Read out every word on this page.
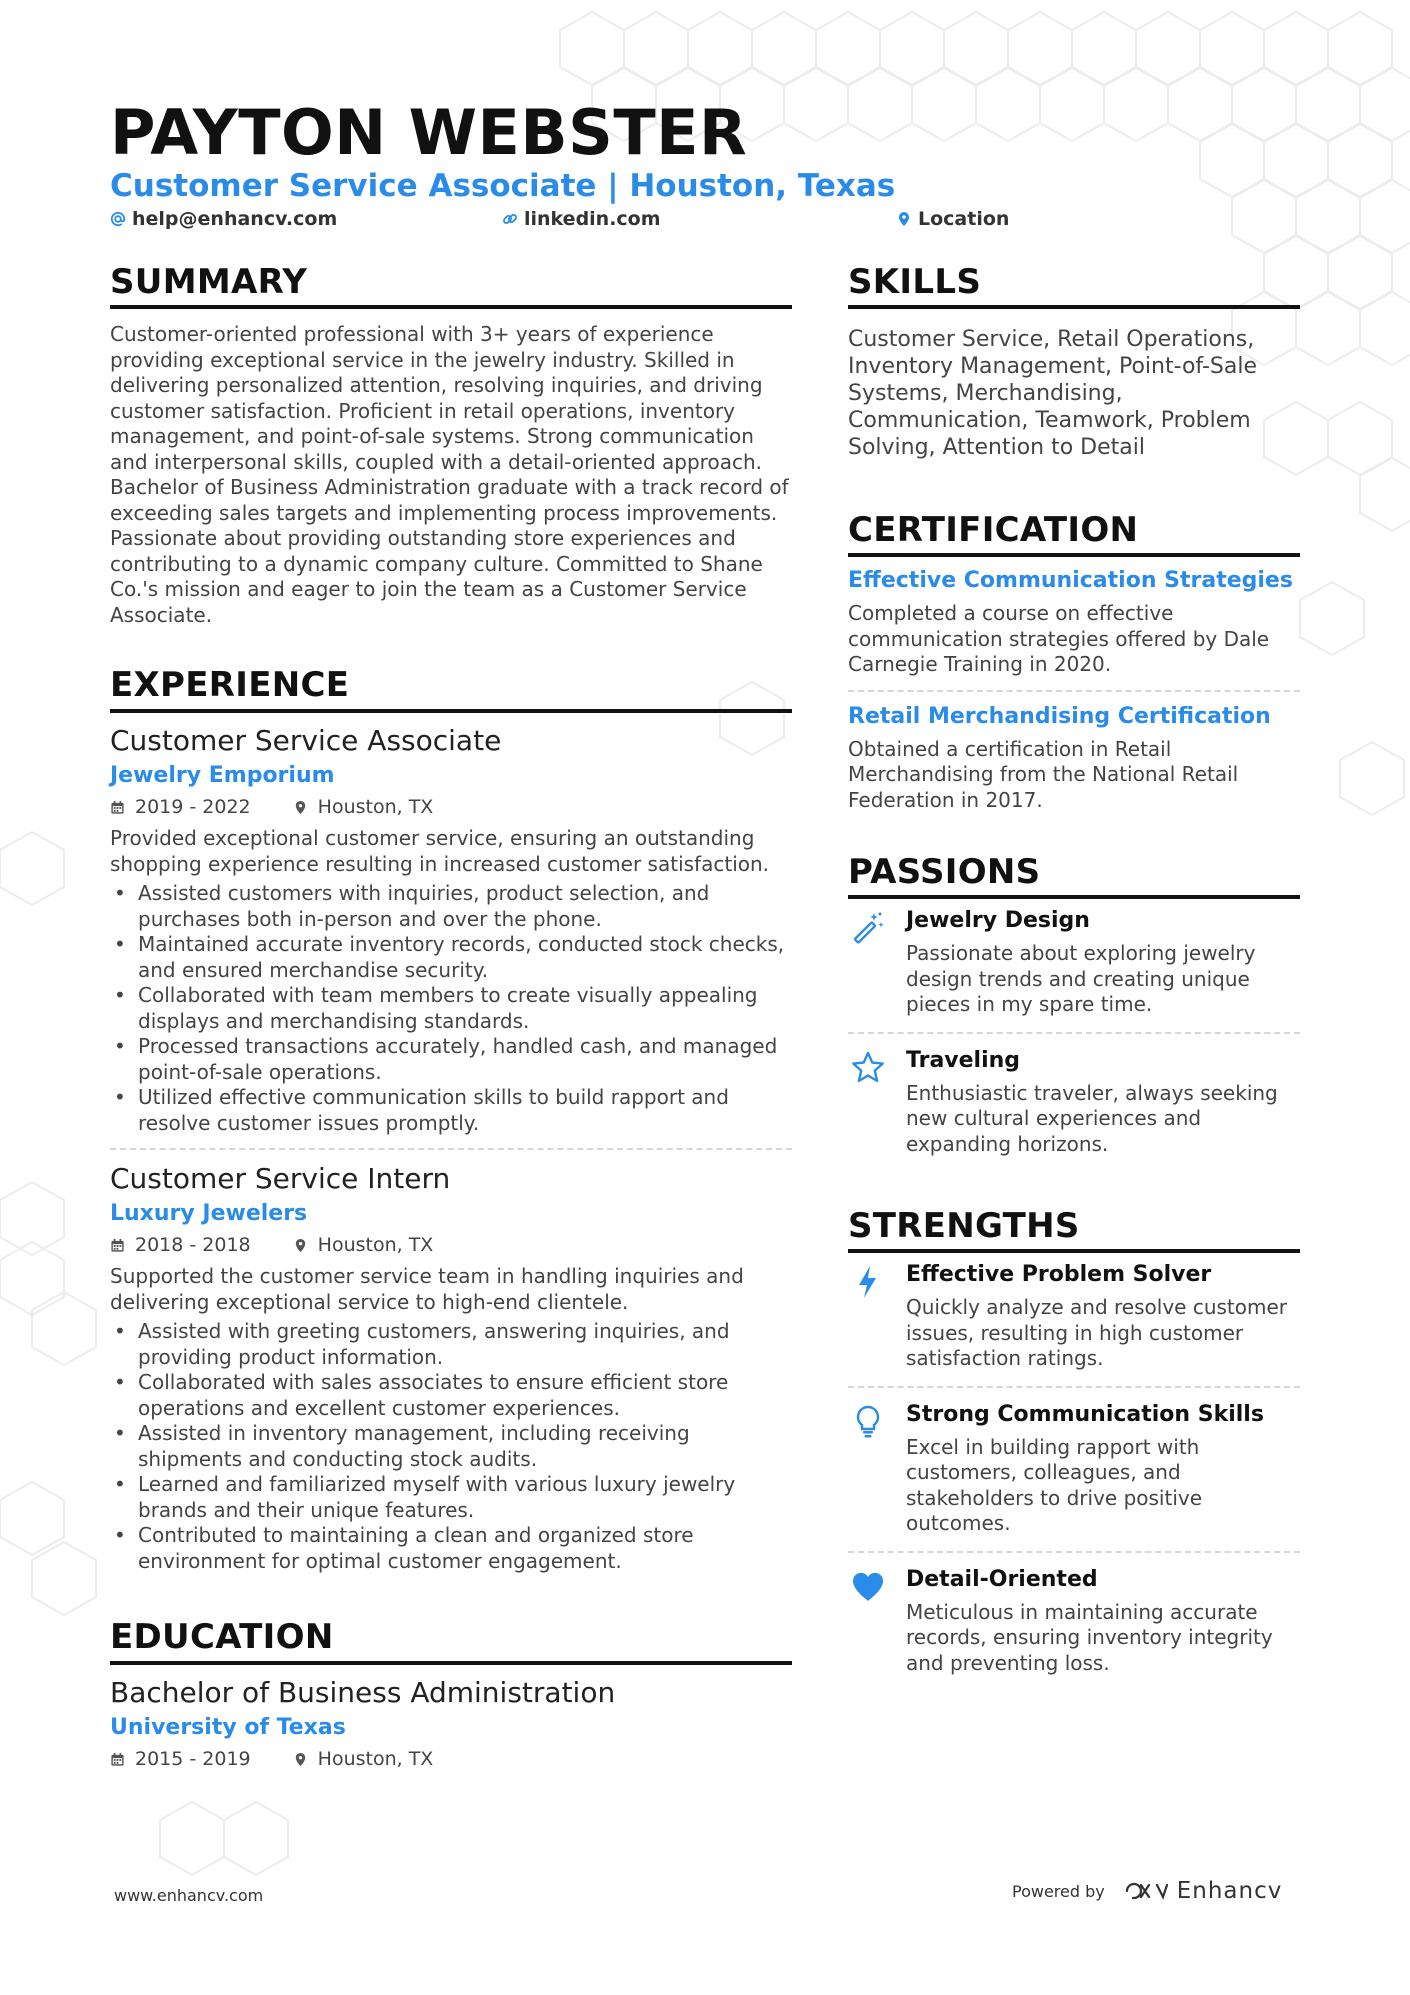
PAYTON WEBSTER
Customer Service Associate | Houston, Texas
help@enhancv.com	linkedin.com	Location
SUMMARY
Customer-oriented professional with 3+ years of experience providing exceptional service in the jewelry industry. Skilled in delivering personalized attention, resolving inquiries, and driving customer satisfaction. Proficient in retail operations, inventory management, and point-of-sale systems. Strong communication and interpersonal skills, coupled with a detail-oriented approach. Bachelor of Business Administration graduate with a track record of exceeding sales targets and implementing process improvements. Passionate about providing outstanding store experiences and contributing to a dynamic company culture. Committed to Shane Co.'s mission and eager to join the team as a Customer Service Associate.
EXPERIENCE
Customer Service Associate
Jewelry Emporium
2019 - 2022	Houston, TX
Provided exceptional customer service, ensuring an outstanding shopping experience resulting in increased customer satisfaction.
• Assisted customers with inquiries, product selection, and purchases both in-person and over the phone.
• Maintained accurate inventory records, conducted stock checks, and ensured merchandise security.
• Collaborated with team members to create visually appealing displays and merchandising standards.
• Processed transactions accurately, handled cash, and managed point-of-sale operations.
• Utilized effective communication skills to build rapport and resolve customer issues promptly.
Customer Service Intern
Luxury Jewelers
2018 - 2018	Houston, TX
Supported the customer service team in handling inquiries and delivering exceptional service to high-end clientele.
• Assisted with greeting customers, answering inquiries, and providing product information.
• Collaborated with sales associates to ensure efficient store operations and excellent customer experiences.
• Assisted in inventory management, including receiving shipments and conducting stock audits.
• Learned and familiarized myself with various luxury jewelry brands and their unique features.
• Contributed to maintaining a clean and organized store environment for optimal customer engagement.
EDUCATION
Bachelor of Business Administration
University of Texas
2015 - 2019	Houston, TX
SKILLS
Customer Service, Retail Operations, Inventory Management, Point-of-Sale Systems, Merchandising, Communication, Teamwork, Problem Solving, Attention to Detail
CERTIFICATION
Effective Communication Strategies
Completed a course on effective communication strategies offered by Dale Carnegie Training in 2020.
Retail Merchandising Certification
Obtained a certification in Retail Merchandising from the National Retail Federation in 2017.
PASSIONS
Jewelry Design
Passionate about exploring jewelry design trends and creating unique pieces in my spare time.
Traveling
Enthusiastic traveler, always seeking new cultural experiences and expanding horizons.
STRENGTHS
Effective Problem Solver
Quickly analyze and resolve customer issues, resulting in high customer satisfaction ratings.
Strong Communication Skills
Excel in building rapport with customers, colleagues, and stakeholders to drive positive outcomes.
Detail-Oriented
Meticulous in maintaining accurate records, ensuring inventory integrity and preventing loss.
www.enhancv.com	Powered by	Enhancv
